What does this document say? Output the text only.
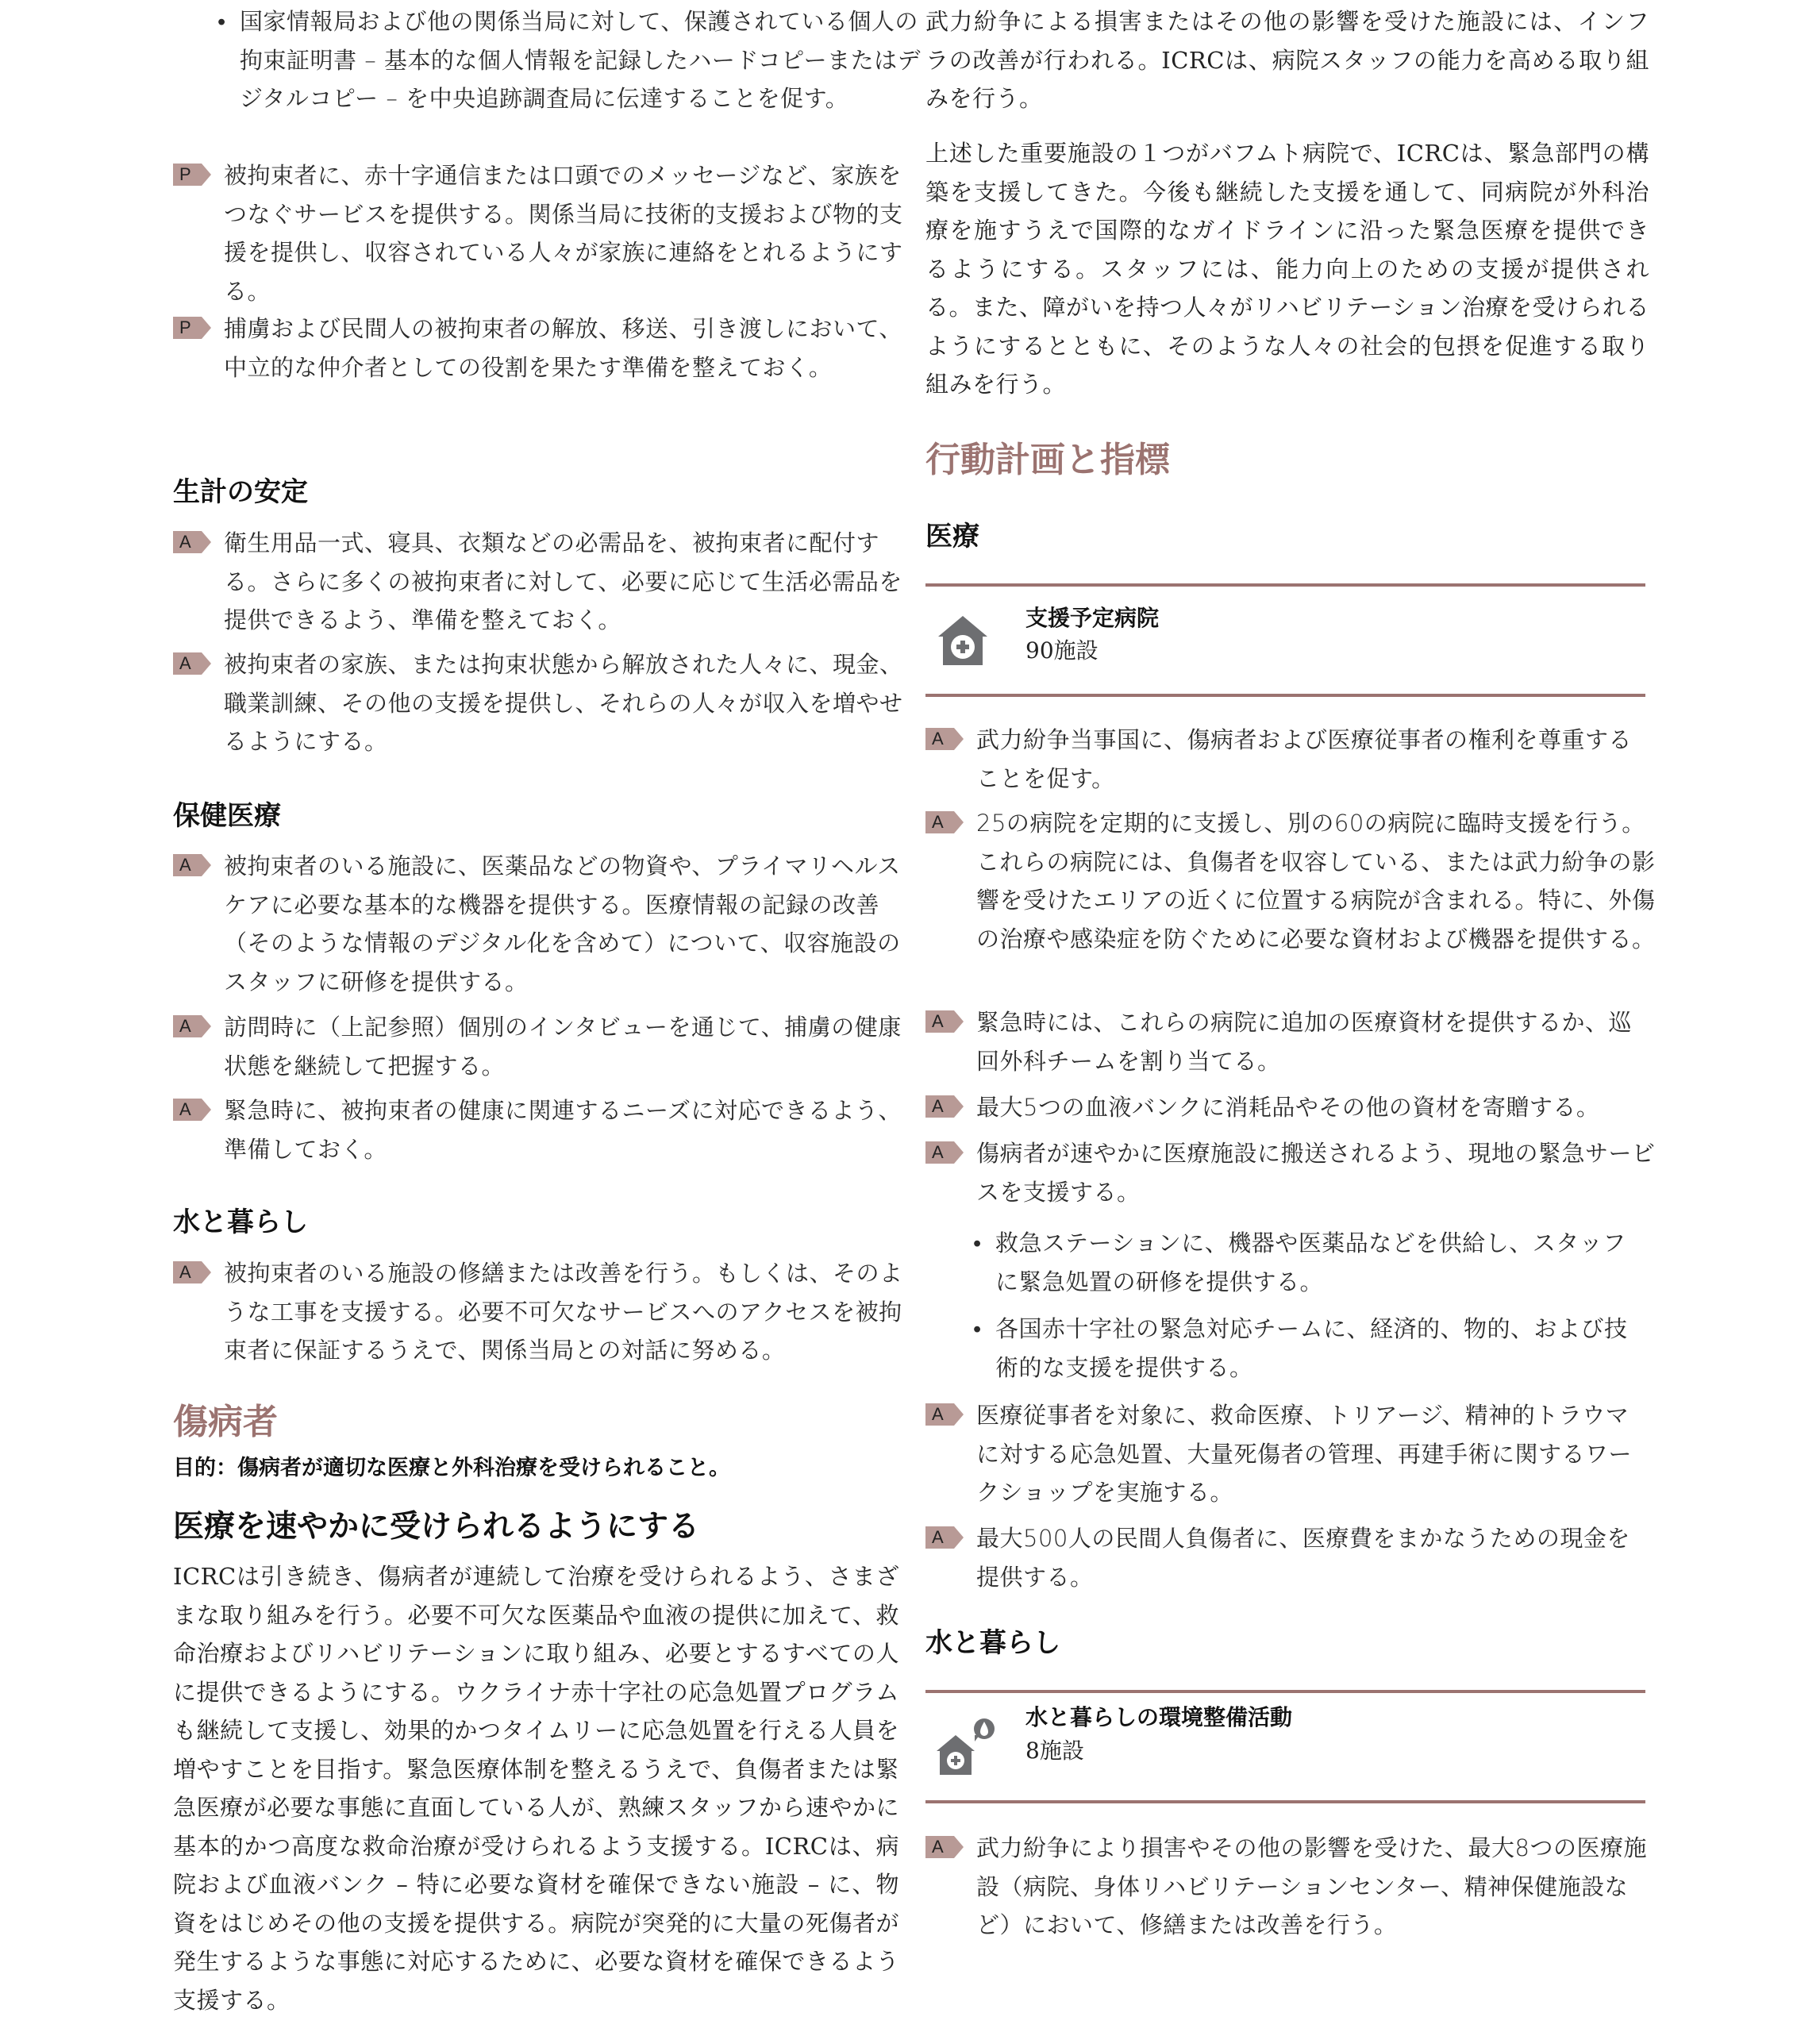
• 国家情報局および他の関係当局に対して、保護されている個人の拘束証明書 – 基本的な個人情報を記録したハードコピーまたはデジタルコピー – を中央追跡調査局に伝達することを促す。
P	被拘束者に、赤十字通信または口頭でのメッセージなど、家族をつなぐサービスを提供する。関係当局に技術的支援および物的支援を提供し、収容されている人々が家族に連絡をとれるようにする。
P	捕虜および民間人の被拘束者の解放、移送、引き渡しにおいて、中立的な仲介者としての役割を果たす準備を整えておく。
生計の安定
A	衛生用品一式、寝具、衣類などの必需品を、被拘束者に配付する。さらに多くの被拘束者に対して、必要に応じて生活必需品を提供できるよう、準備を整えておく。
A	被拘束者の家族、または拘束状態から解放された人々に、現金、職業訓練、その他の支援を提供し、それらの人々が収入を増やせるようにする。
保健医療
A	被拘束者のいる施設に、医薬品などの物資や、プライマリヘルスケアに必要な基本的な機器を提供する。医療情報の記録の改善（そのような情報のデジタル化を含めて）について、収容施設のスタッフに研修を提供する。
A	訪問時に（上記参照）個別のインタビューを通じて、捕虜の健康状態を継続して把握する。
A	緊急時に、被拘束者の健康に関連するニーズに対応できるよう、準備しておく。
水と暮らし
A	被拘束者のいる施設の修繕または改善を行う。もしくは、そのような工事を支援する。必要不可欠なサービスへのアクセスを被拘束者に保証するうえで、関係当局との対話に努める。
傷病者

目的：傷病者が適切な医療と外科治療を受けられること。

医療を速やかに受けられるようにする

ICRCは引き続き、傷病者が連続して治療を受けられるよう、さまざまな取り組みを行う。必要不可欠な医薬品や血液の提供に加えて、救命治療およびリハビリテーションに取り組み、必要とするすべての人に提供できるようにする。ウクライナ赤十字社の応急処置プログラムも継続して支援し、効果的かつタイムリーに応急処置を行える人員を増やすことを目指す。緊急医療体制を整えるうえで、負傷者または緊急医療が必要な事態に直面している人が、熟練スタッフから速やかに基本的かつ高度な救命治療が受けられるよう支援する。ICRCは、病院および血液バンク – 特に必要な資材を確保できない施設 – に、物資をはじめその他の支援を提供する。病院が突発的に大量の死傷者が発生するような事態に対応するために、必要な資材を確保できるよう支援する。

武力紛争による損害またはその他の影響を受けた施設には、インフラの改善が行われる。ICRCは、病院スタッフの能力を高める取り組みを行う。

上述した重要施設の１つがバフムト病院で、ICRCは、緊急部門の構築を支援してきた。今後も継続した支援を通して、同病院が外科治療を施すうえで国際的なガイドラインに沿った緊急医療を提供できるようにする。スタッフには、能力向上のための支援が提供される。また、障がいを持つ人々がリハビリテーション治療を受けられるようにするとともに、そのような人々の社会的包摂を促進する取り組みを行う。

行動計画と指標
医療
支援予定病院
90施設
A	武力紛争当事国に、傷病者および医療従事者の権利を尊重することを促す。
A	25の病院を定期的に支援し、別の60の病院に臨時支援を行う。これらの病院には、負傷者を収容している、または武力紛争の影響を受けたエリアの近くに位置する病院が含まれる。特に、外傷の治療や感染症を防ぐために必要な資材および機器を提供する。
A	緊急時には、これらの病院に追加の医療資材を提供するか、巡回外科チームを割り当てる。
A	最大5つの血液バンクに消耗品やその他の資材を寄贈する。
A	傷病者が速やかに医療施設に搬送されるよう、現地の緊急サービスを支援する。
• 救急ステーションに、機器や医薬品などを供給し、スタッフに緊急処置の研修を提供する。
• 各国赤十字社の緊急対応チームに、経済的、物的、および技術的な支援を提供する。
A	医療従事者を対象に、救命医療、トリアージ、精神的トラウマに対する応急処置、大量死傷者の管理、再建手術に関するワークショップを実施する。
A	最大500人の民間人負傷者に、医療費をまかなうための現金を提供する。
水と暮らし
水と暮らしの環境整備活動
8施設
A	武力紛争により損害やその他の影響を受けた、最大8つの医療施設（病院、身体リハビリテーションセンター、精神保健施設など）において、修繕または改善を行う。
